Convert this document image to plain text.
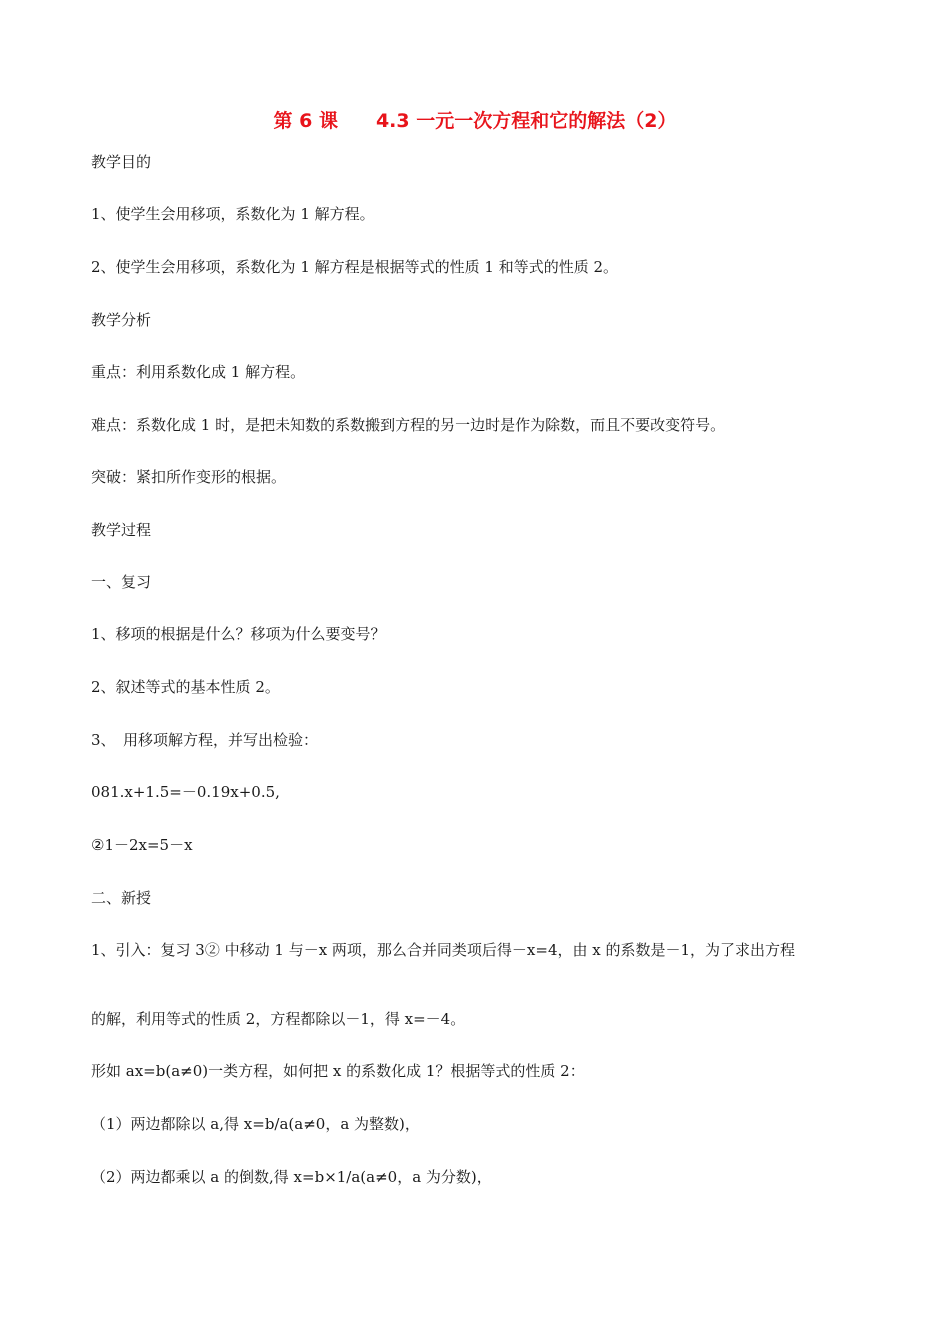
第 6 课　　4.3 一元一次方程和它的解法（2）
教学目的
1、使学生会用移项，系数化为 1 解方程。
2、使学生会用移项，系数化为 1 解方程是根据等式的性质 1 和等式的性质 2。
教学分析
重点：利用系数化成 1 解方程。
难点：系数化成 1 时，是把未知数的系数搬到方程的另一边时是作为除数，而且不要改变符号。
突破：紧扣所作变形的根据。
教学过程
一、复习
1、移项的根据是什么？移项为什么要变号？
2、叙述等式的基本性质 2。
3、　用移项解方程，并写出检验：
081.x+1.5=－0.19x+0.5,
②1－2x=5－x
二、新授
1、引入：复习 3② 中移动 1 与－x 两项，那么合并同类项后得－x=4，由 x 的系数是－1，为了求出方程
的解，利用等式的性质 2，方程都除以－1，得 x=－4。
形如 ax=b(a≠0)一类方程，如何把 x 的系数化成 1？根据等式的性质 2：
（1）两边都除以 a,得 x=b/a(a≠0，a 为整数)，
（2）两边都乘以 a 的倒数,得 x=b×1/a(a≠0，a 为分数)，
